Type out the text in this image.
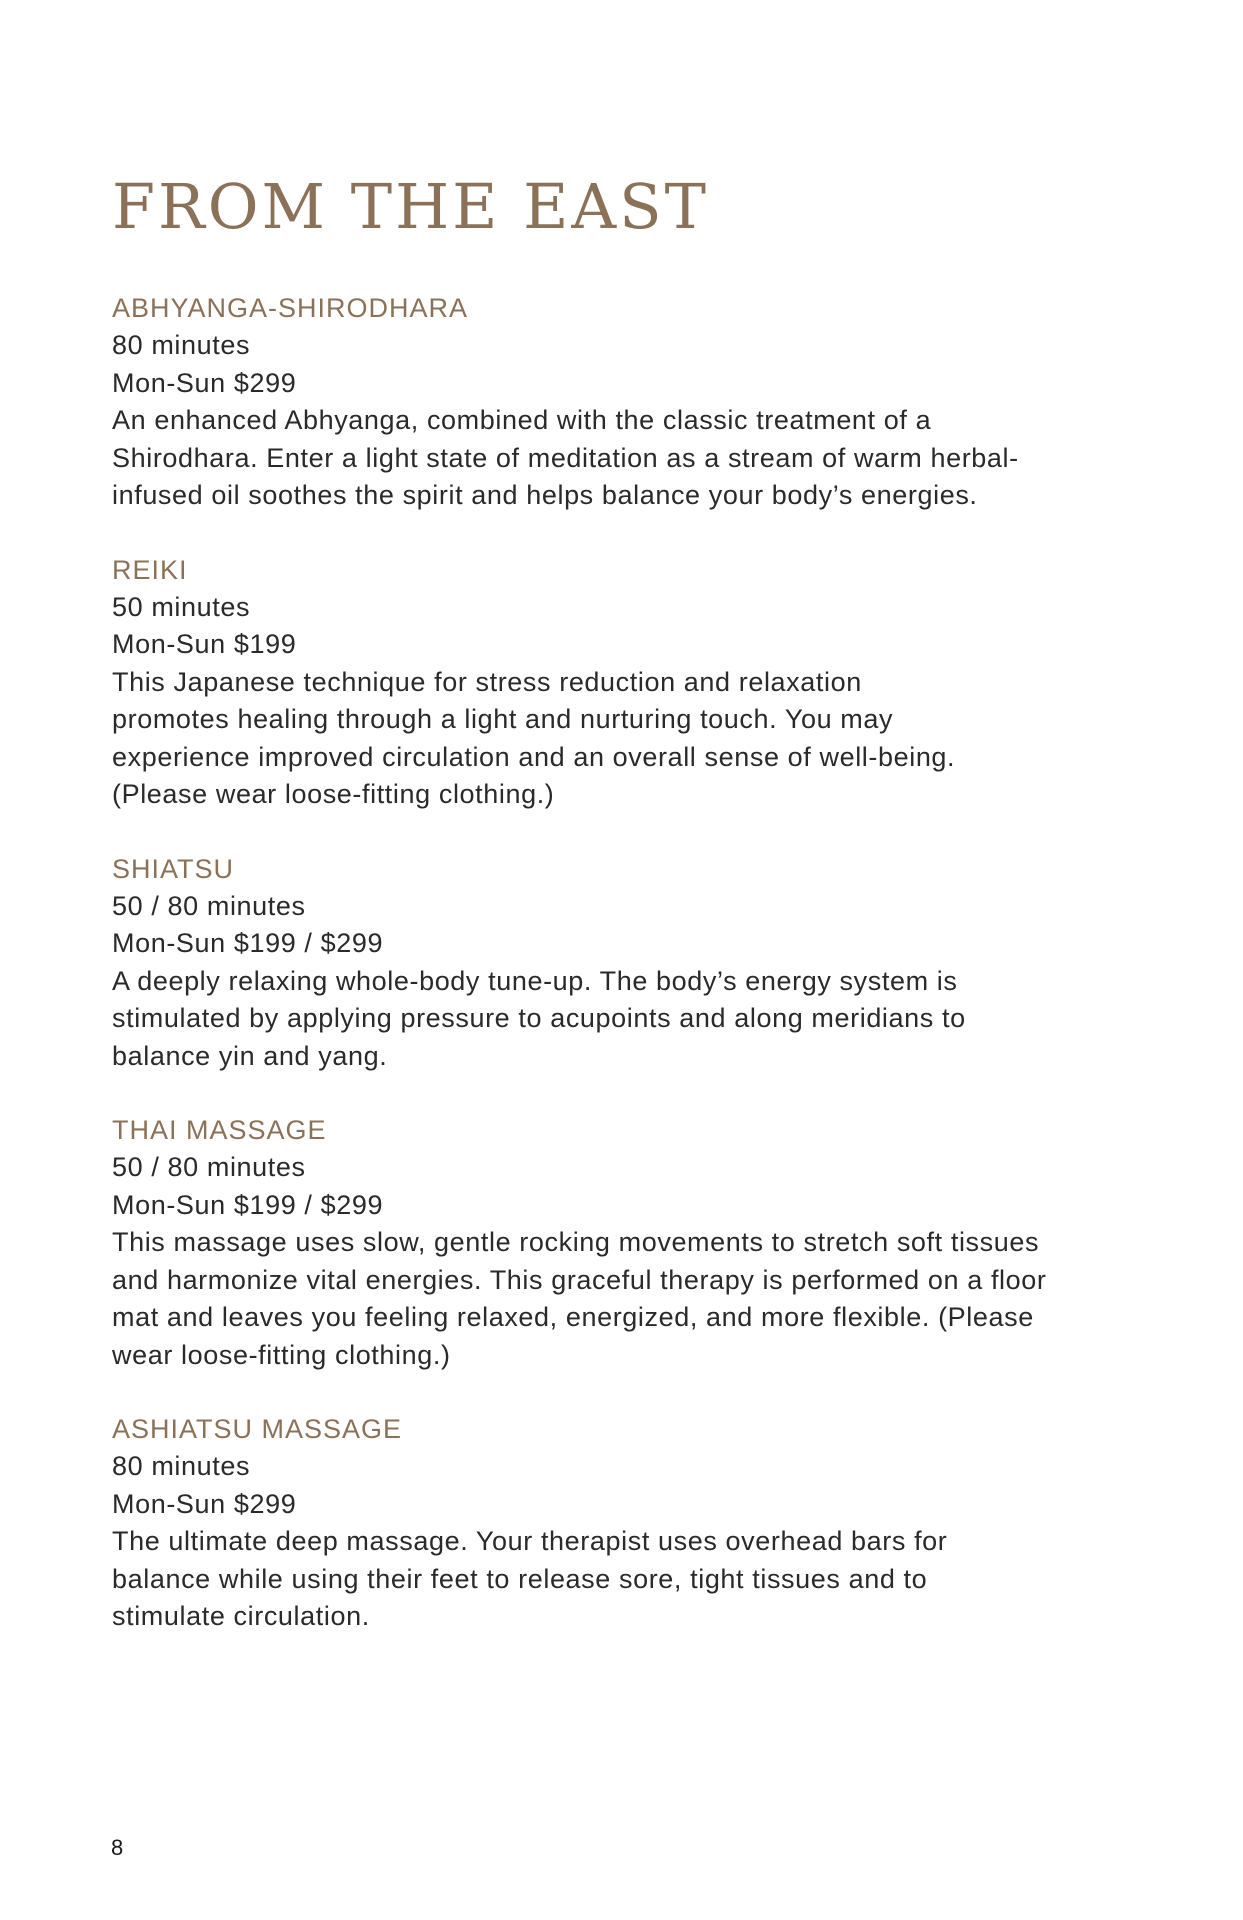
FROM THE EAST
ABHYANGA-SHIRODHARA
80 minutes
Mon-Sun $299
An enhanced Abhyanga, combined with the classic treatment of a
Shirodhara. Enter a light state of meditation as a stream of warm herbal-
infused oil soothes the spirit and helps balance your body’s energies.
REIKI
50 minutes
Mon-Sun $199
This Japanese technique for stress reduction and relaxation
promotes healing through a light and nurturing touch. You may
experience improved circulation and an overall sense of well-being.
(Please wear loose-fitting clothing.)
SHIATSU
50 / 80 minutes
Mon-Sun $199 / $299
A deeply relaxing whole-body tune-up. The body’s energy system is
stimulated by applying pressure to acupoints and along meridians to
balance yin and yang.
THAI MASSAGE
50 / 80 minutes
Mon-Sun $199 / $299
This massage uses slow, gentle rocking movements to stretch soft tissues
and harmonize vital energies. This graceful therapy is performed on a floor
mat and leaves you feeling relaxed, energized, and more flexible. (Please
wear loose-fitting clothing.)
ASHIATSU MASSAGE
80 minutes
Mon-Sun $299
The ultimate deep massage. Your therapist uses overhead bars for
balance while using their feet to release sore, tight tissues and to
stimulate circulation.
8
